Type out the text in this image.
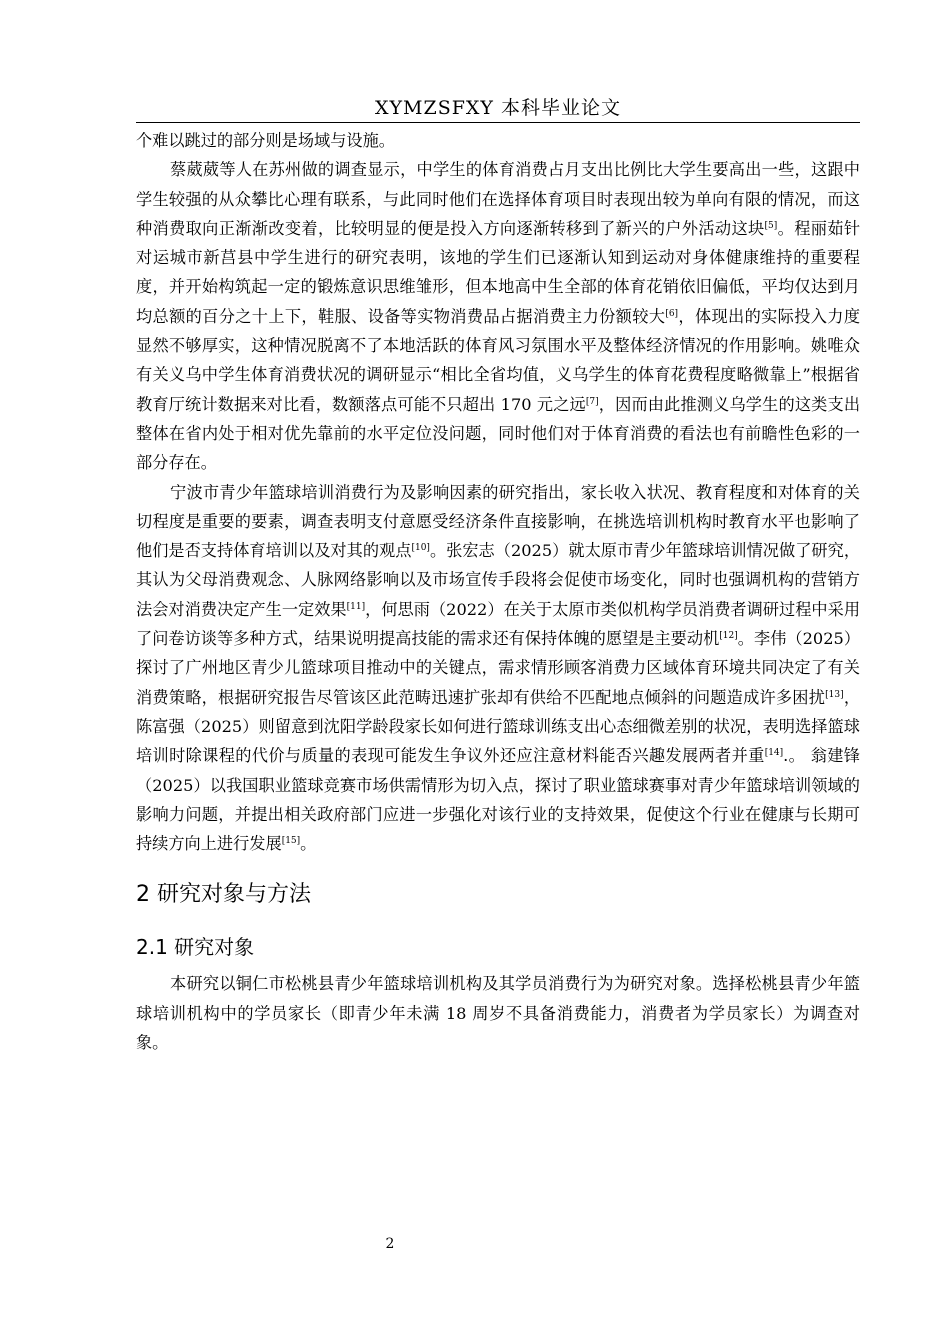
XYMZSFXY 本科毕业论文

个难以跳过的部分则是场域与设施。

蔡葳葳等人在苏州做的调查显示，中学生的体育消费占月支出比例比大学生要高出一些，这跟中学生较强的从众攀比心理有联系，与此同时他们在选择体育项目时表现出较为单向有限的情况，而这种消费取向正渐渐改变着，比较明显的便是投入方向逐渐转移到了新兴的户外活动这块[5]。程丽茹针对运城市新莒县中学生进行的研究表明，该地的学生们已逐渐认知到运动对身体健康维持的重要程度，并开始构筑起一定的锻炼意识思维雏形，但本地高中生全部的体育花销依旧偏低，平均仅达到月均总额的百分之十上下，鞋服、设备等实物消费品占据消费主力份额较大[6]，体现出的实际投入力度显然不够厚实，这种情况脱离不了本地活跃的体育风习氛围水平及整体经济情况的作用影响。姚唯众有关义乌中学生体育消费状况的调研显示“相比全省均值，义乌学生的体育花费程度略微靠上”根据省教育厅统计数据来对比看，数额落点可能不只超出 170 元之远[7]，因而由此推测义乌学生的这类支出整体在省内处于相对优先靠前的水平定位没问题，同时他们对于体育消费的看法也有前瞻性色彩的一部分存在。

宁波市青少年篮球培训消费行为及影响因素的研究指出，家长收入状况、教育程度和对体育的关切程度是重要的要素，调查表明支付意愿受经济条件直接影响，在挑选培训机构时教育水平也影响了他们是否支持体育培训以及对其的观点[10]。张宏志（2025）就太原市青少年篮球培训情况做了研究，其认为父母消费观念、人脉网络影响以及市场宣传手段将会促使市场变化，同时也强调机构的营销方法会对消费决定产生一定效果[11]，何思雨（2022）在关于太原市类似机构学员消费者调研过程中采用了问卷访谈等多种方式，结果说明提高技能的需求还有保持体魄的愿望是主要动机[12]。李伟（2025）探讨了广州地区青少儿篮球项目推动中的关键点，需求情形顾客消费力区域体育环境共同决定了有关消费策略，根据研究报告尽管该区此范畴迅速扩张却有供给不匹配地点倾斜的问题造成许多困扰[13]，陈富强（2025）则留意到沈阳学龄段家长如何进行篮球训练支出心态细微差别的状况，表明选择篮球培训时除课程的代价与质量的表现可能发生争议外还应注意材料能否兴趣发展两者并重[14].。 翁建锋（2025）以我国职业篮球竞赛市场供需情形为切入点，探讨了职业篮球赛事对青少年篮球培训领域的影响力问题，并提出相关政府部门应进一步强化对该行业的支持效果，促使这个行业在健康与长期可持续方向上进行发展[15]。

2 研究对象与方法
2.1 研究对象

本研究以铜仁市松桃县青少年篮球培训机构及其学员消费行为为研究对象。选择松桃县青少年篮球培训机构中的学员家长（即青少年未满 18 周岁不具备消费能力，消费者为学员家长）为调查对象。

2
